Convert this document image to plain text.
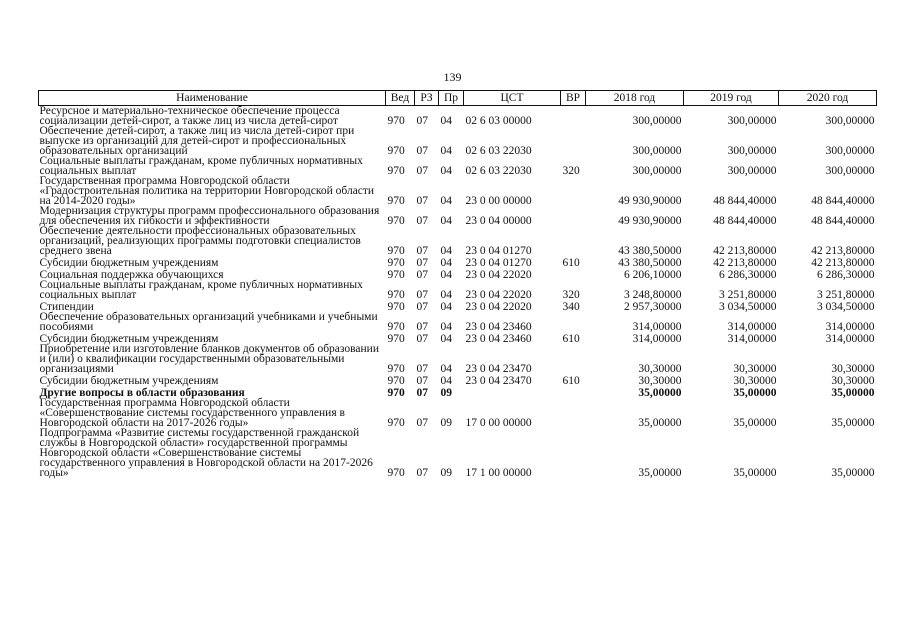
139
Наименование	Вед	РЗ	Пр	ЦСТ	ВР	2018 год	2019 год	2020 год
Ресурсное и материально-техническое обеспечение процесса социализации детей-сирот, а также лиц из числа детей-сирот	970	07	04	02 6 03 00000		300,00000	300,00000	300,00000
Обеспечение детей-сирот, а также лиц из числа детей-сирот при выпуске из организаций для детей-сирот и профессиональных образовательных организаций	970	07	04	02 6 03 22030		300,00000	300,00000	300,00000
Социальные выплаты гражданам, кроме публичных нормативных социальных выплат	970	07	04	02 6 03 22030	320	300,00000	300,00000	300,00000
Государственная программа Новгородской области «Градостроительная политика на территории Новгородской области на 2014-2020 годы»	970	07	04	23 0 00 00000		49 930,90000	48 844,40000	48 844,40000
Модернизация структуры программ профессионального образования для обеспечения их гибкости и эффективности	970	07	04	23 0 04 00000		49 930,90000	48 844,40000	48 844,40000
Обеспечение деятельности профессиональных образовательных организаций, реализующих программы подготовки специалистов среднего звена	970	07	04	23 0 04 01270		43 380,50000	42 213,80000	42 213,80000
Субсидии бюджетным учреждениям	970	07	04	23 0 04 01270	610	43 380,50000	42 213,80000	42 213,80000
Социальная поддержка обучающихся	970	07	04	23 0 04 22020		6 206,10000	6 286,30000	6 286,30000
Социальные выплаты гражданам, кроме публичных нормативных социальных выплат	970	07	04	23 0 04 22020	320	3 248,80000	3 251,80000	3 251,80000
Стипендии	970	07	04	23 0 04 22020	340	2 957,30000	3 034,50000	3 034,50000
Обеспечение образовательных организаций учебниками и учебными пособиями	970	07	04	23 0 04 23460		314,00000	314,00000	314,00000
Субсидии бюджетным учреждениям	970	07	04	23 0 04 23460	610	314,00000	314,00000	314,00000
Приобретение или изготовление бланков документов об образовании и (или) о квалификации государственными образовательными организациями	970	07	04	23 0 04 23470		30,30000	30,30000	30,30000
Субсидии бюджетным учреждениям	970	07	04	23 0 04 23470	610	30,30000	30,30000	30,30000
Другие вопросы в области образования	970	07	09			35,00000	35,00000	35,00000
Государственная программа Новгородской области «Совершенствование системы государственного управления в Новгородской области на 2017-2026 годы»	970	07	09	17 0 00 00000		35,00000	35,00000	35,00000
Подпрограмма «Развитие системы государственной гражданской службы в Новгородской области» государственной программы Новгородской области «Совершенствование системы государственного управления в Новгородской области на 2017-2026 годы»	970	07	09	17 1 00 00000		35,00000	35,00000	35,00000
